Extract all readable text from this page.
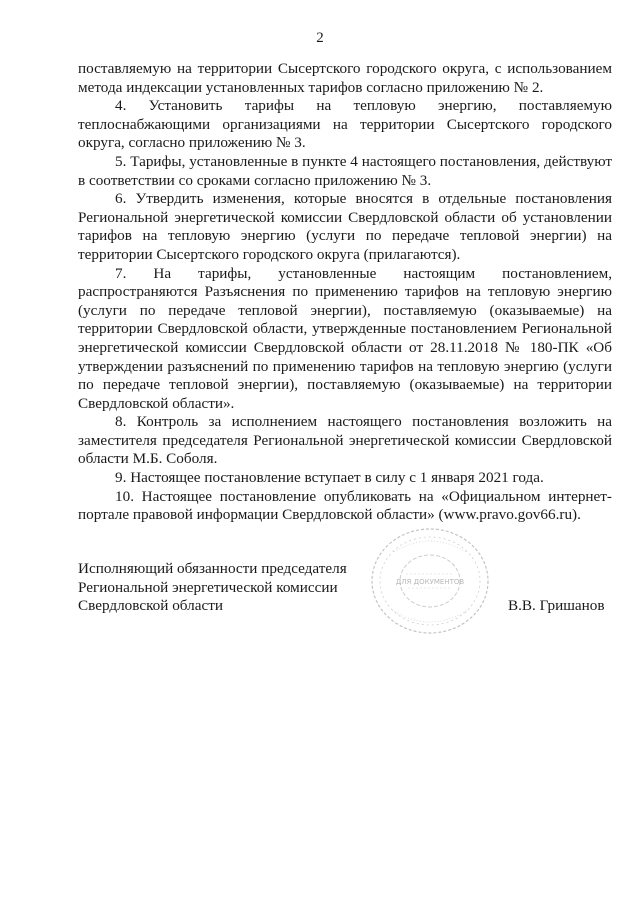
2

поставляемую на территории Сысертского городского округа, с использованием метода индексации установленных тарифов согласно приложению № 2.

4. Установить тарифы на тепловую энергию, поставляемую теплоснабжающими организациями на территории Сысертского городского округа, согласно приложению № 3.

5. Тарифы, установленные в пункте 4 настоящего постановления, действуют в соответствии со сроками согласно приложению № 3.

6. Утвердить изменения, которые вносятся в отдельные постановления Региональной энергетической комиссии Свердловской области об установлении тарифов на тепловую энергию (услуги по передаче тепловой энергии) на территории Сысертского городского округа (прилагаются).

7. На тарифы, установленные настоящим постановлением, распространяются Разъяснения по применению тарифов на тепловую энергию (услуги по передаче тепловой энергии), поставляемую (оказываемые) на территории Свердловской области, утвержденные постановлением Региональной энергетической комиссии Свердловской области от 28.11.2018 № 180-ПК «Об утверждении разъяснений по применению тарифов на тепловую энергию (услуги по передаче тепловой энергии), поставляемую (оказываемые) на территории Свердловской области».

8. Контроль за исполнением настоящего постановления возложить на заместителя председателя Региональной энергетической комиссии Свердловской области М.Б. Соболя.

9. Настоящее постановление вступает в силу с 1 января 2021 года.

10. Настоящее постановление опубликовать на «Официальном интернет-портале правовой информации Свердловской области» (www.pravo.gov66.ru).

Исполняющий обязанности председателя
Региональной энергетической комиссии
Свердловской области
ДЛЯ ДОКУМЕНТОВ
В.В. Гришанов
